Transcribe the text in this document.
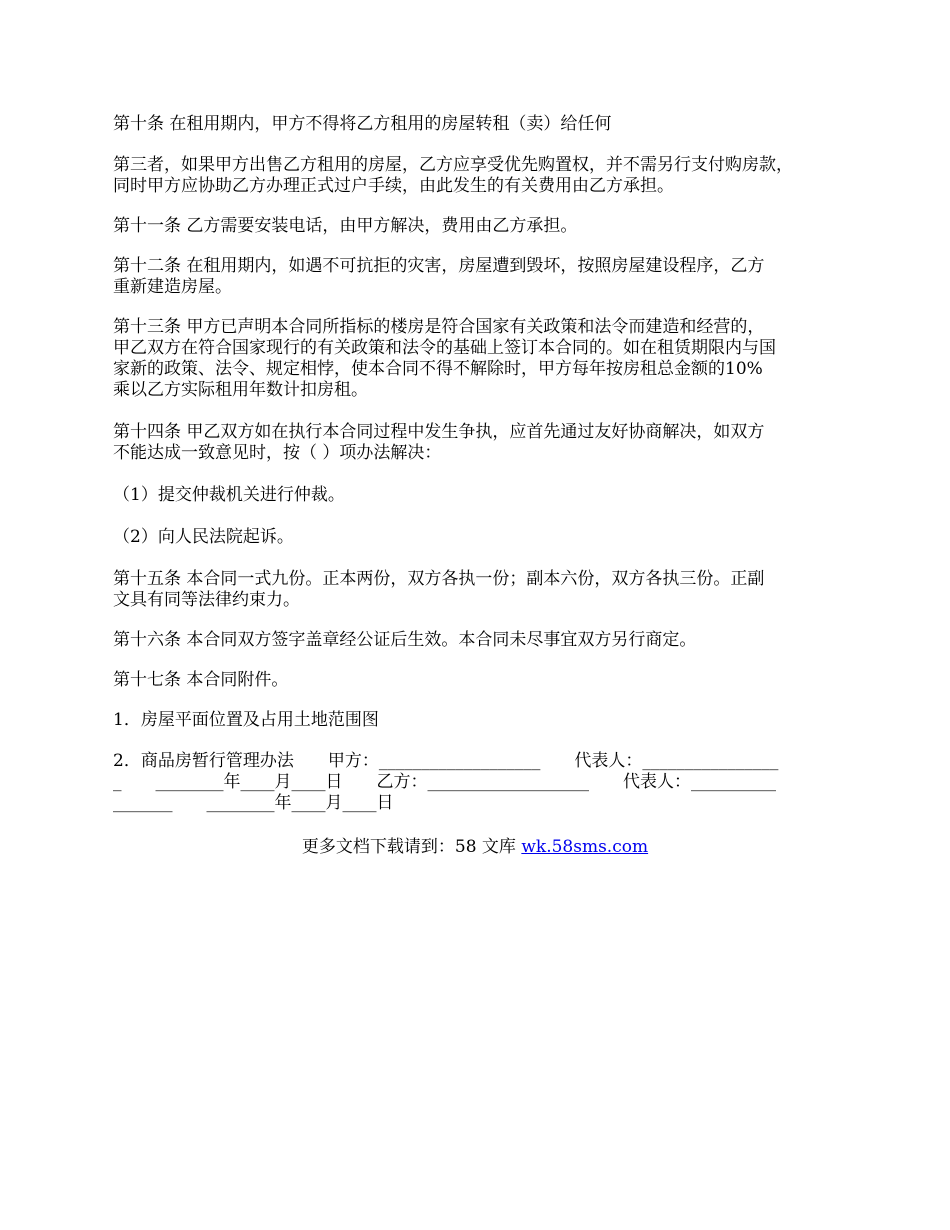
第十条 在租用期内，甲方不得将乙方租用的房屋转租（卖）给任何

第三者，如果甲方出售乙方租用的房屋，乙方应享受优先购置权，并不需另行支付购房款，
同时甲方应协助乙方办理正式过户手续，由此发生的有关费用由乙方承担。

第十一条 乙方需要安装电话，由甲方解决，费用由乙方承担。

第十二条 在租用期内，如遇不可抗拒的灾害，房屋遭到毁坏，按照房屋建设程序，乙方
重新建造房屋。

第十三条 甲方已声明本合同所指标的楼房是符合国家有关政策和法令而建造和经营的，
甲乙双方在符合国家现行的有关政策和法令的基础上签订本合同的。如在租赁期限内与国
家新的政策、法令、规定相悖，使本合同不得不解除时，甲方每年按房租总金额的10%
乘以乙方实际租用年数计扣房租。

第十四条 甲乙双方如在执行本合同过程中发生争执，应首先通过友好协商解决，如双方
不能达成一致意见时，按（ ）项办法解决：

（1）提交仲裁机关进行仲裁。

（2）向人民法院起诉。

第十五条 本合同一式九份。正本两份，双方各执一份；副本六份，双方各执三份。正副
文具有同等法律约束力。

第十六条 本合同双方签字盖章经公证后生效。本合同未尽事宜双方另行商定。

第十七条 本合同附件。

1．房屋平面位置及占用土地范围图

2．商品房暂行管理办法　　甲方：___________________　　代表人：________________
_　　________年____月____日　　乙方：___________________　　代表人：__________
_______　　________年____月____日

更多文档下载请到：58 文库 wk.58sms.com
